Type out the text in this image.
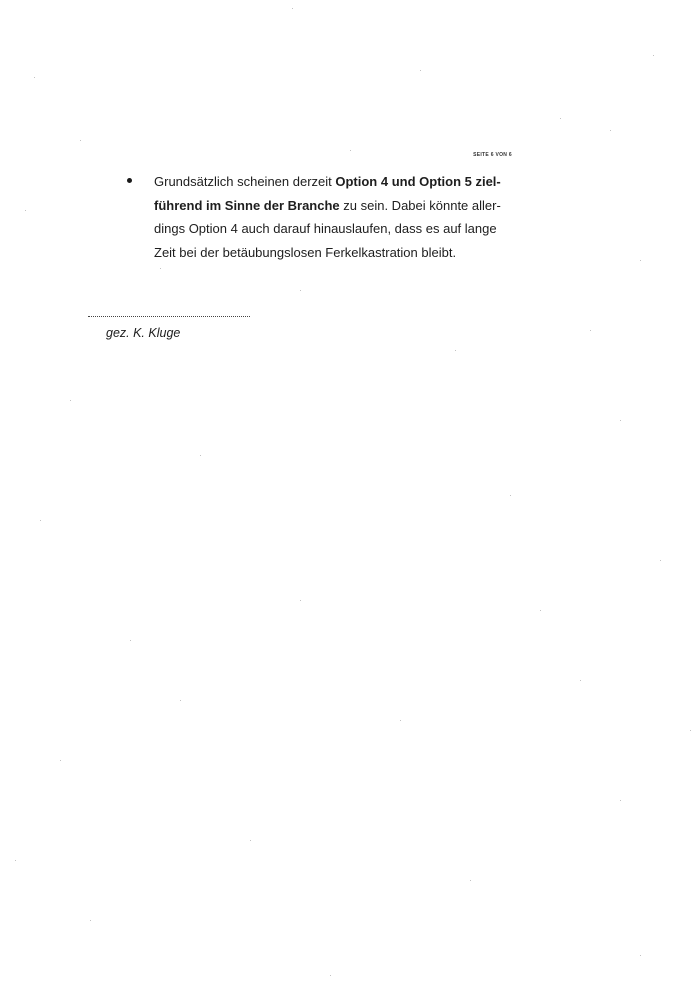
SEITE 6 VON 6
Grundsätzlich scheinen derzeit Option 4 und Option 5 ziel-
führend im Sinne der Branche zu sein. Dabei könnte aller-
dings Option 4 auch darauf hinauslaufen, dass es auf lange
Zeit bei der betäubungslosen Ferkelkastration bleibt.
gez. K. Kluge
